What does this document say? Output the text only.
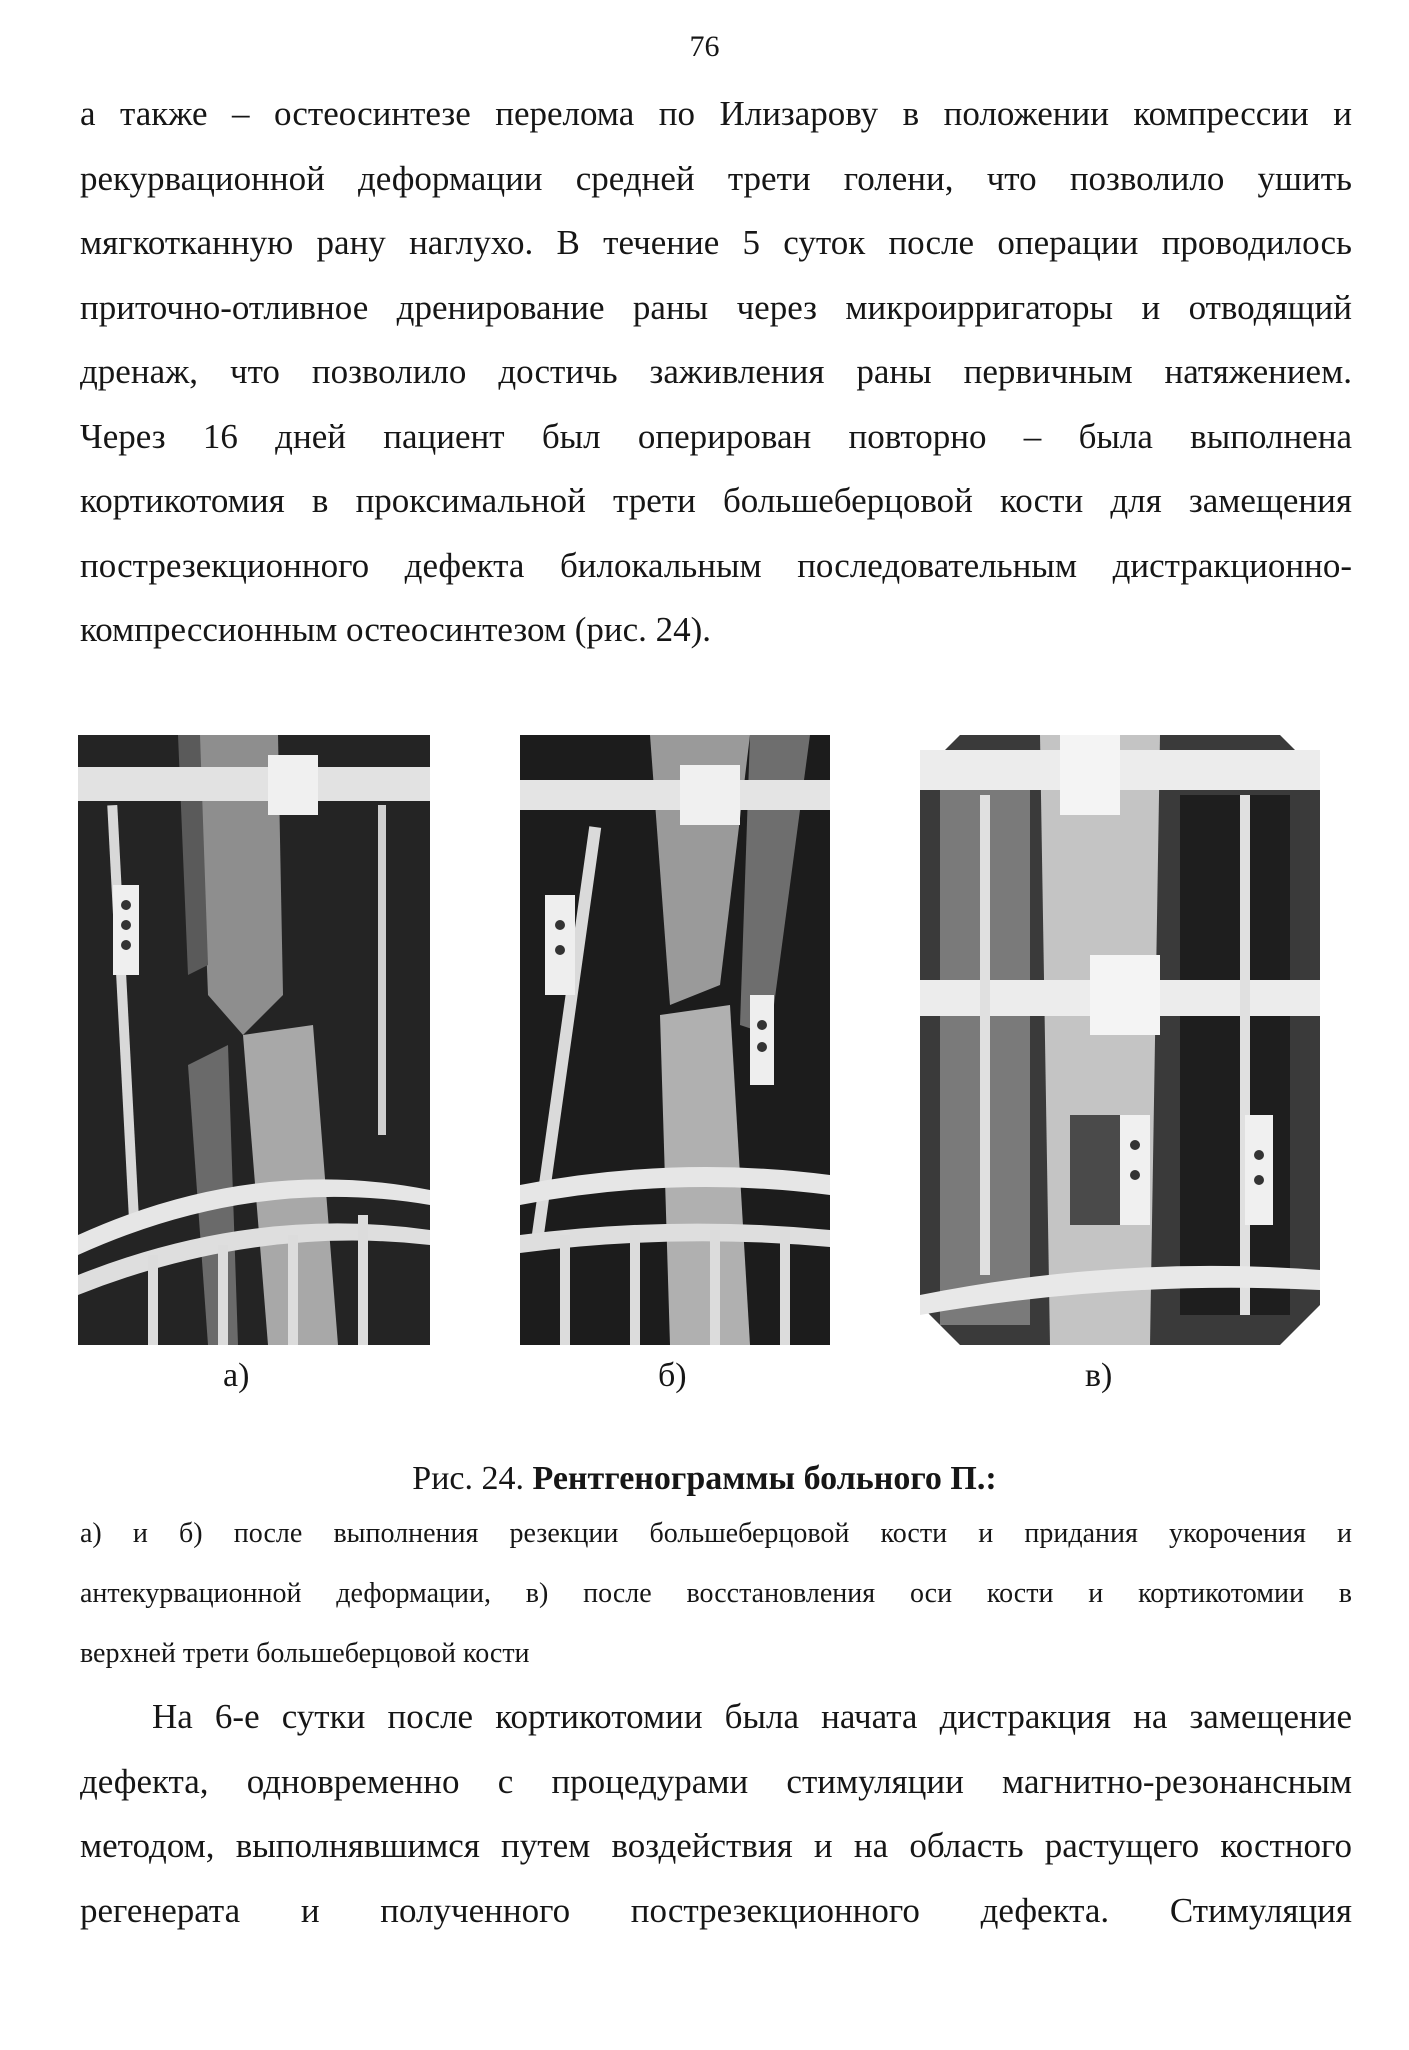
76
а также – остеосинтезе перелома по Илизарову в положении компрессии и
рекурвационной деформации средней трети голени, что позволило ушить
мягкотканную рану наглухо. В течение 5 суток после операции проводилось
приточно-отливное дренирование раны через микроирригаторы и отводящий
дренаж, что позволило достичь заживления раны первичным натяжением.
Через 16 дней пациент был оперирован повторно – была выполнена
кортикотомия в проксимальной трети большеберцовой кости для замещения
пострезекционного дефекта билокальным последовательным дистракционно-
компрессионным остеосинтезом (рис. 24).
а)	б)	в)
Рис. 24. Рентгенограммы больного П.:
а) и б) после выполнения резекции большеберцовой кости и придания укорочения и
антекурвационной деформации, в) после восстановления оси кости и кортикотомии в
верхней трети большеберцовой кости
На 6-е сутки после кортикотомии была начата дистракция на замещение
дефекта, одновременно с процедурами стимуляции магнитно-резонансным
методом, выполнявшимся путем воздействия и на область растущего костного
регенерата и полученного пострезекционного дефекта. Стимуляция
